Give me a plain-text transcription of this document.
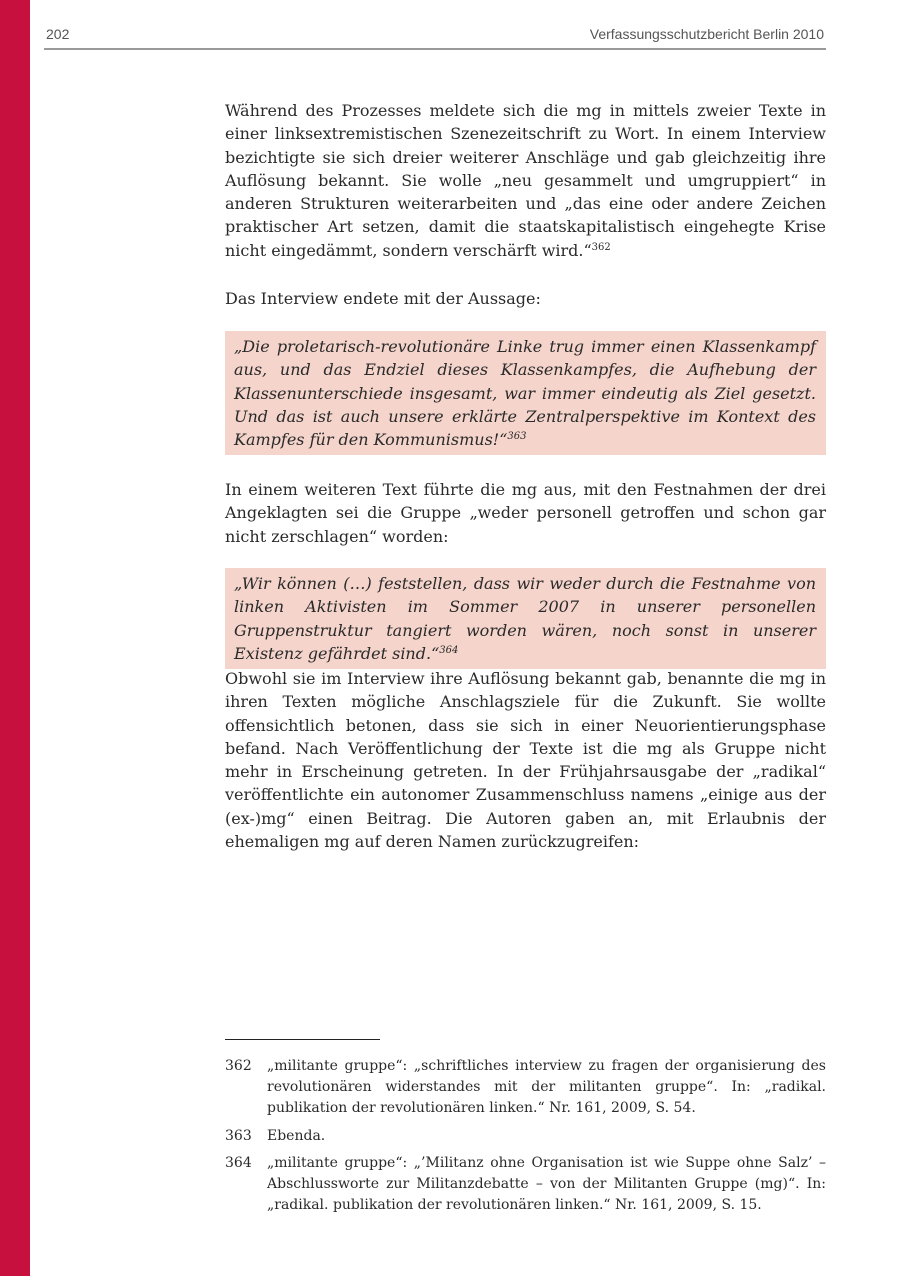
202	Verfassungsschutzbericht Berlin 2010

Während des Prozesses meldete sich die mg in mittels zweier Texte in einer linksextremistischen Szenezeitschrift zu Wort. In einem Interview bezichtigte sie sich dreier weiterer Anschläge und gab gleichzeitig ihre Auflösung bekannt. Sie wolle „neu gesammelt und umgruppiert“ in anderen Strukturen weiterarbeiten und „das eine oder andere Zeichen praktischer Art setzen, damit die staatskapitalistisch eingehegte Krise nicht eingedämmt, sondern verschärft wird.“$^{362}$

Das Interview endete mit der Aussage:

„Die proletarisch-revolutionäre Linke trug immer einen Klassenkampf aus, und das Endziel dieses Klassenkampfes, die Aufhebung der Klassenunterschiede insgesamt, war immer eindeutig als Ziel gesetzt. Und das ist auch unsere erklärte Zentralperspektive im Kontext des Kampfes für den Kommunismus!“$^{363}$

In einem weiteren Text führte die mg aus, mit den Festnahmen der drei Angeklagten sei die Gruppe „weder personell getroffen und schon gar nicht zerschlagen“ worden:

„Wir können (…) feststellen, dass wir weder durch die Festnahme von linken Aktivisten im Sommer 2007 in unserer personellen Gruppenstruktur tangiert worden wären, noch sonst in unserer Existenz gefährdet sind.“$^{364}$

Obwohl sie im Interview ihre Auflösung bekannt gab, benannte die mg in ihren Texten mögliche Anschlagsziele für die Zukunft. Sie wollte offensichtlich betonen, dass sie sich in einer Neuorientierungsphase befand. Nach Veröffentlichung der Texte ist die mg als Gruppe nicht mehr in Erscheinung getreten. In der Frühjahrsausgabe der „radikal“ veröffentlichte ein autonomer Zusammenschluss namens „einige aus der (ex-)mg“ einen Beitrag. Die Autoren gaben an, mit Erlaubnis der ehemaligen mg auf deren Namen zurückzugreifen:

362	„militante gruppe“: „schriftliches interview zu fragen der organisierung des revolutionären widerstandes mit der militanten gruppe“. In: „radikal. publikation der revolutionären linken.“ Nr. 161, 2009, S. 54.
363	Ebenda.
364	„militante gruppe“: „’Militanz ohne Organisation ist wie Suppe ohne Salz’ – Abschlussworte zur Militanzdebatte – von der Militanten Gruppe (mg)“. In: „radikal. publikation der revolutionären linken.“ Nr. 161, 2009, S. 15.
